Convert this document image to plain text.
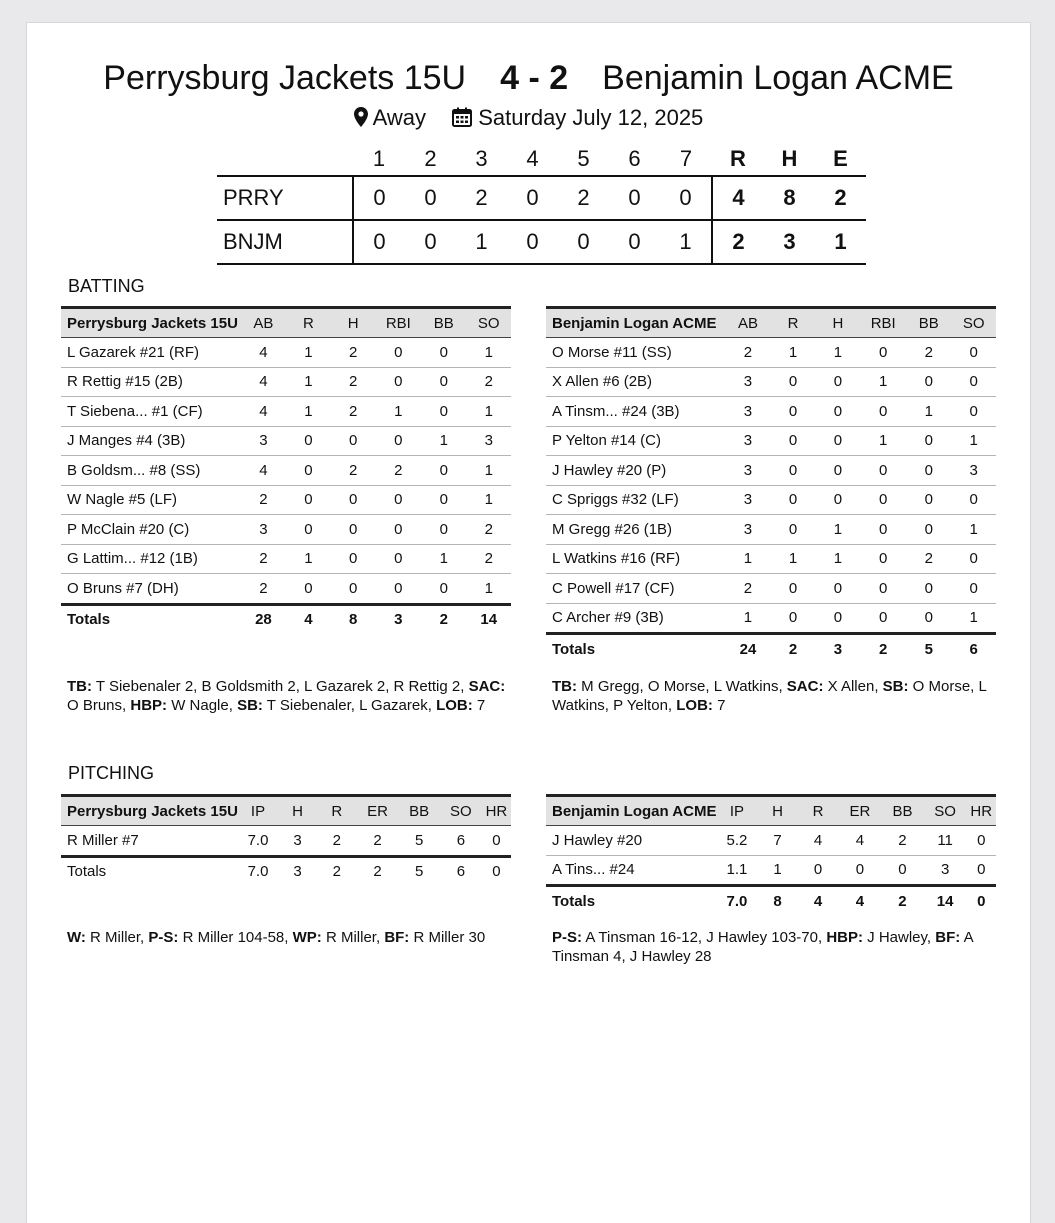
Perrysburg Jackets 15U 4 - 2 Benjamin Logan ACME
Away Saturday July 12, 2025
	1	2	3	4	5	6	7	R	H	E
PRRY	0	0	2	0	2	0	0	4	8	2
BNJM	0	0	1	0	0	0	1	2	3	1
BATTING
Perrysburg Jackets 15U	AB	R	H	RBI	BB	SO
L Gazarek #21 (RF)	4	1	2	0	0	1
R Rettig #15 (2B)	4	1	2	0	0	2
T Siebena... #1 (CF)	4	1	2	1	0	1
J Manges #4 (3B)	3	0	0	0	1	3
B Goldsm... #8 (SS)	4	0	2	2	0	1
W Nagle #5 (LF)	2	0	0	0	0	1
P McClain #20 (C)	3	0	0	0	0	2
G Lattim... #12 (1B)	2	1	0	0	1	2
O Bruns #7 (DH)	2	0	0	0	0	1
Totals	28	4	8	3	2	14
Benjamin Logan ACME	AB	R	H	RBI	BB	SO
O Morse #11 (SS)	2	1	1	0	2	0
X Allen #6 (2B)	3	0	0	1	0	0
A Tinsm... #24 (3B)	3	0	0	0	1	0
P Yelton #14 (C)	3	0	0	1	0	1
J Hawley #20 (P)	3	0	0	0	0	3
C Spriggs #32 (LF)	3	0	0	0	0	0
M Gregg #26 (1B)	3	0	1	0	0	1
L Watkins #16 (RF)	1	1	1	0	2	0
C Powell #17 (CF)	2	0	0	0	0	0
C Archer #9 (3B)	1	0	0	0	0	1
Totals	24	2	3	2	5	6
TB: T Siebenaler 2, B Goldsmith 2, L Gazarek 2, R Rettig 2, SAC: O Bruns, HBP: W Nagle, SB: T Siebenaler, L Gazarek, LOB: 7
TB: M Gregg, O Morse, L Watkins, SAC: X Allen, SB: O Morse, L Watkins, P Yelton, LOB: 7
PITCHING
Perrysburg Jackets 15U	IP	H	R	ER	BB	SO	HR
R Miller #7	7.0	3	2	2	5	6	0
Totals	7.0	3	2	2	5	6	0
Benjamin Logan ACME	IP	H	R	ER	BB	SO	HR
J Hawley #20	5.2	7	4	4	2	11	0
A Tins... #24	1.1	1	0	0	0	3	0
Totals	7.0	8	4	4	2	14	0
W: R Miller, P-S: R Miller 104-58, WP: R Miller, BF: R Miller 30	P-S: A Tinsman 16-12, J Hawley 103-70, HBP: J Hawley, BF: A Tinsman 4, J Hawley 28
